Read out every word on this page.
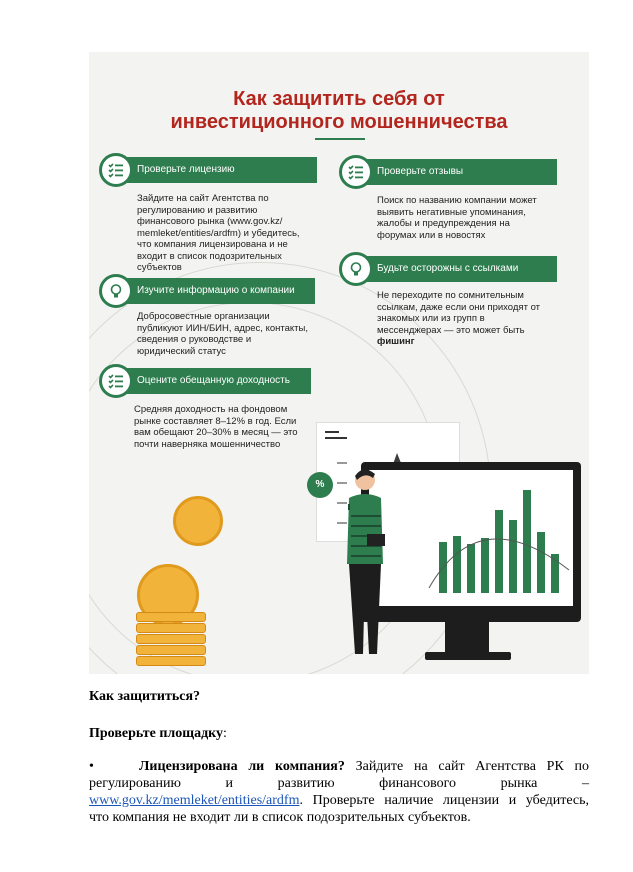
Как защитить себя от
инвестиционного мошенничества
Проверьте лицензию

Зайдите на сайт Агентства по
регулированию и развитию
финансового рынка (www.gov.kz/
memleket/entities/ardfm) и убедитесь,
что компания лицензирована и не
входит в список подозрительных
субъектов

Изучите информацию о компании

Добросовестные организации
публикуют ИИН/БИН, адрес, контакты,
сведения о руководстве и
юридический статус

Оцените обещанную доходность

Средняя доходность на фондовом
рынке составляет 8–12% в год. Если
вам обещают 20–30% в месяц — это
почти наверняка мошенничество

Проверьте отзывы

Поиск по названию компании может
выявить негативные упоминания,
жалобы и предупреждения на
форумах или в новостях

Будьте осторожны с ссылками

Не переходите по сомнительным
ссылкам, даже если они приходят от
знакомых или из групп в
мессенджерах — это может быть
фишинг

%

Как защититься?

Проверьте площадку:

•	Лицензирована ли компания? Зайдите на сайт Агентства РК по
регулированию и развитию финансового рынка –
www.gov.kz/memleket/entities/ardfm. Проверьте наличие лицензии и убедитесь,
что компания не входит ли в список подозрительных субъектов.
